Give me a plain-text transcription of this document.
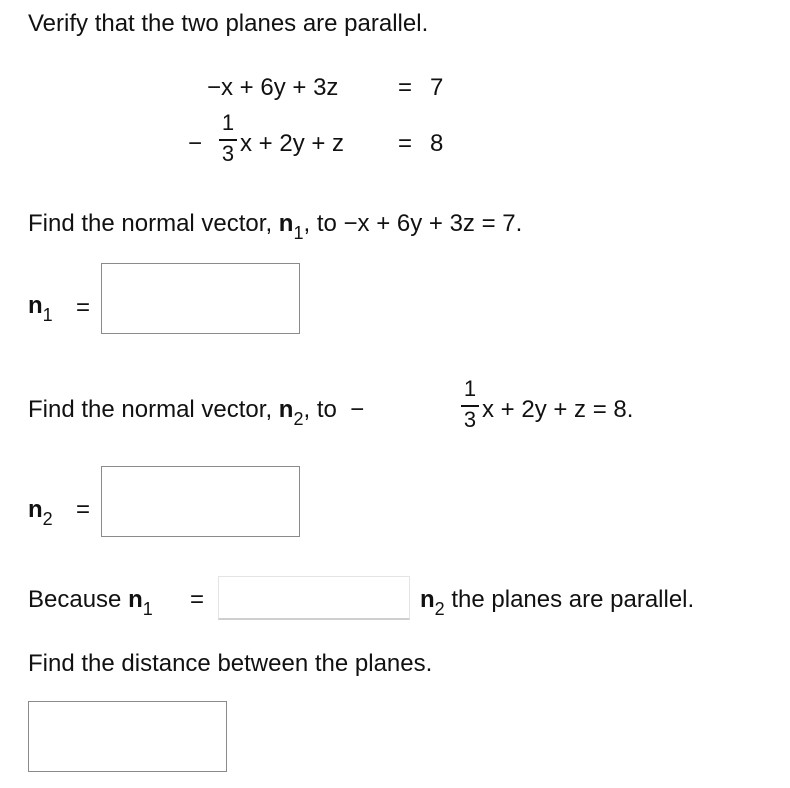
Verify that the two planes are parallel.
−x + 6y + 3z = 7
−
1
3 x + 2y + z = 8
Find the normal vector, $n_1$, to −x + 6y + 3z = 7.
$n_1$ =
Find the normal vector, $n_2$, to  −
1
3 x + 2y + z = 8.
$n_2$ =
Because $n_1$ =	$n_2$ the planes are parallel.
Find the distance between the planes.
